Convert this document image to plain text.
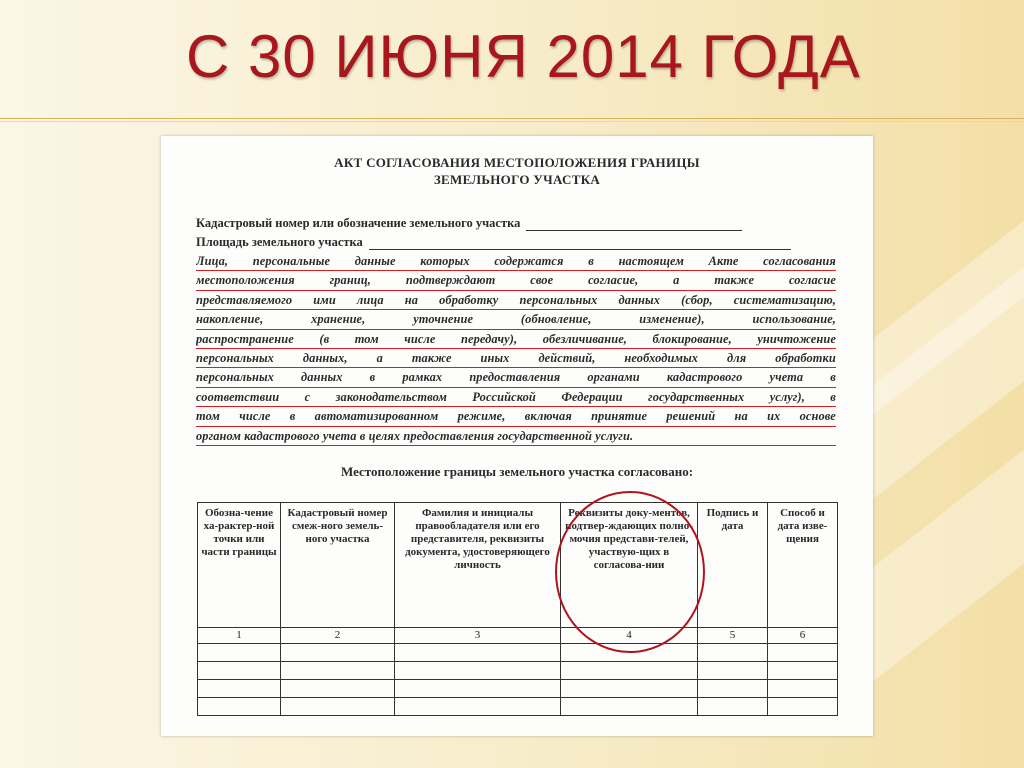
С 30 ИЮНЯ 2014 ГОДА
АКТ СОГЛАСОВАНИЯ МЕСТОПОЛОЖЕНИЯ ГРАНИЦЫ
ЗЕМЕЛЬНОГО УЧАСТКА
Кадастровый номер или обозначение земельного участка
Площадь земельного участка
Лица, персональные данные которых содержатся в настоящем Акте согласования
местоположения	границ,	подтверждают	свое	согласие,	а	также	согласие
представляемого ими лица на обработку персональных данных (сбор, систематизацию,
накопление,	хранение,	уточнение	(обновление,	изменение),	использование,
распространение (в том числе передачу), обезличивание, блокирование, уничтожение
персональных данных, а также иных действий, необходимых для обработки
персональных данных в рамках предоставления органами кадастрового учета в
соответствии с законодательством Российской Федерации государственных услуг), в
том числе в автоматизированном режиме, включая принятие решений на их основе
органом кадастрового учета в целях предоставления государственной услуги.
Местоположение границы земельного участка согласовано:
Обозна-чение ха-рактер-ной точки или части границы	Кадастровый номер смеж-ного земель-ного участка	Фамилия и инициалы правообладателя или его представителя, реквизиты документа, удостоверяющего личность	Реквизиты доку-ментов, подтвер-ждающих полно-мочия представи-телей, участвую-щих в согласова-нии	Подпись и дата	Способ и дата изве-щения
1	2	3	4	5	6
